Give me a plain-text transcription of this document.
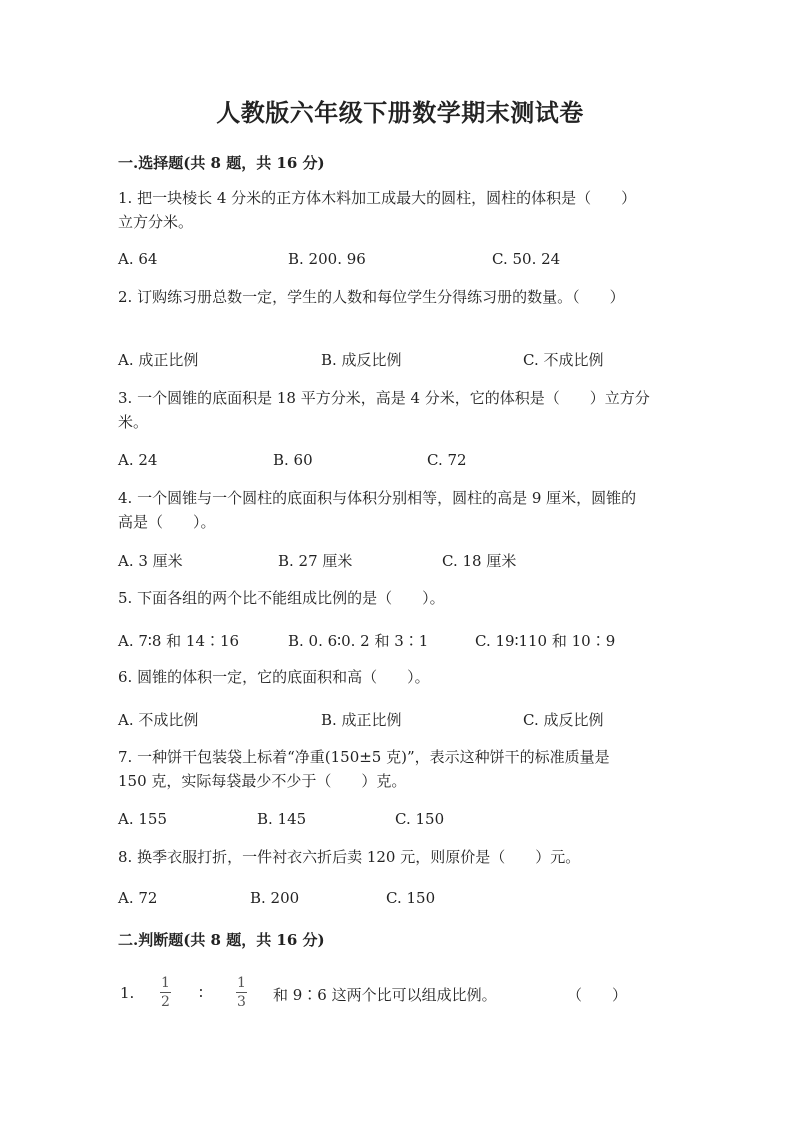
人教版六年级下册数学期末测试卷
一.选择题(共 8 题，共 16 分)
1. 把一块棱长 4 分米的正方体木料加工成最大的圆柱，圆柱的体积是（　　）
立方分米。
A. 64	B. 200. 96	C. 50. 24
2. 订购练习册总数一定，学生的人数和每位学生分得练习册的数量。（　　）
A. 成正比例	B. 成反比例	C. 不成比例
3. 一个圆锥的底面积是 18 平方分米，高是 4 分米，它的体积是（　　）立方分
米。
A. 24	B. 60	C. 72
4. 一个圆锥与一个圆柱的底面积与体积分别相等，圆柱的高是 9 厘米，圆锥的
高是（　　）。
A. 3 厘米	B. 27 厘米	C. 18 厘米
5. 下面各组的两个比不能组成比例的是（　　）。
A. 7∶8 和 14∶16	B. 0. 6∶0. 2 和 3∶1	C. 19∶110 和 10∶9
6. 圆锥的体积一定，它的底面积和高（　　）。
A. 不成比例	B. 成正比例	C. 成反比例
7. 一种饼干包装袋上标着“净重(150±5 克)”，表示这种饼干的标准质量是
150 克，实际每袋最少不少于（　　）克。
A. 155	B. 145	C. 150
8. 换季衣服打折，一件衬衣六折后卖 120 元，则原价是（　　）元。
A. 72	B. 200	C. 150
二.判断题(共 8 题，共 16 分)
1.
1
2 ∶
1
3 和 9∶6 这两个比可以组成比例。	（　　）
